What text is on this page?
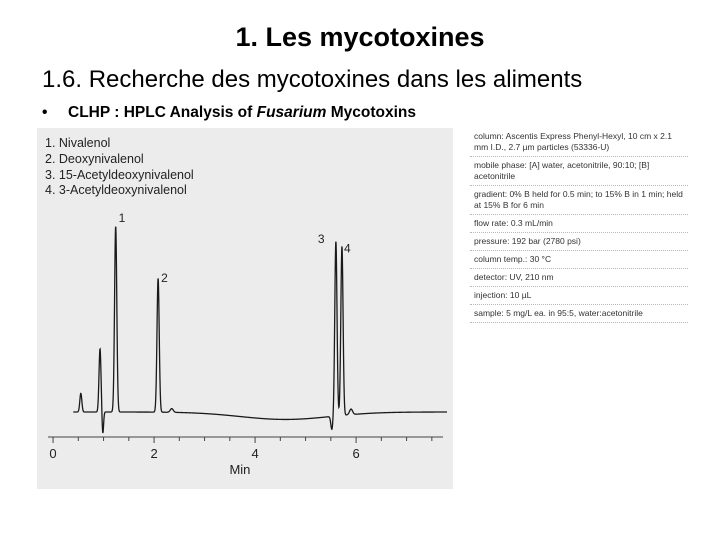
1. Les mycotoxines
1.6. Recherche des mycotoxines dans les aliments
• CLHP : HPLC Analysis of Fusarium Mycotoxins
0	2	4	6
1
2
3
4
Min
1. Nivalenol
2. Deoxynivalenol
3. 15-Acetyldeoxynivalenol
4. 3-Acetyldeoxynivalenol
column: Ascentis Express Phenyl-Hexyl, 10 cm x 2.1 mm I.D., 2.7 µm particles (53336-U)
mobile phase: [A] water, acetonitrile, 90:10; [B] acetonitrile
gradient: 0% B held for 0.5 min; to 15% B in 1 min; held at 15% B for 6 min
flow rate: 0.3 mL/min
pressure: 192 bar (2780 psi)
column temp.: 30 °C
detector: UV, 210 nm
injection: 10 µL
sample: 5 mg/L ea. in 95:5, water:acetonitrile
